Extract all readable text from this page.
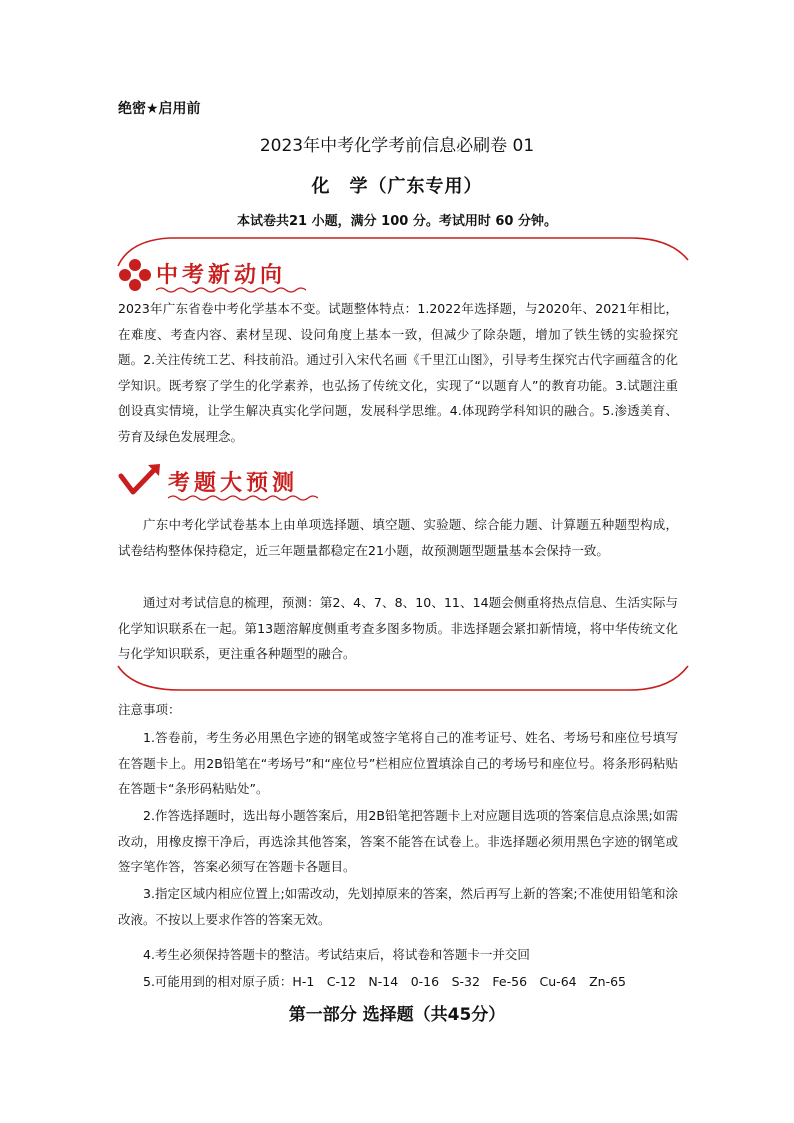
绝密★启用前
2023年中考化学考前信息必刷卷 01
化　学（广东专用）
本试卷共21 小题，满分 100 分。考试用时 60 分钟。
中考新动向
2023年广东省卷中考化学基本不变。试题整体特点：1.2022年选择题，与2020年、2021年相比，在难度、考查内容、素材呈现、设问角度上基本一致，但减少了除杂题，增加了铁生锈的实验探究题。2.关注传统工艺、科技前沿。通过引入宋代名画《千里江山图》，引导考生探究古代字画蕴含的化学知识。既考察了学生的化学素养，也弘扬了传统文化，实现了“以题育人”的教育功能。3.试题注重创设真实情境，让学生解决真实化学问题，发展科学思维。4.体现跨学科知识的融合。5.渗透美育、劳育及绿色发展理念。
考题大预测
广东中考化学试卷基本上由单项选择题、填空题、实验题、综合能力题、计算题五种题型构成，试卷结构整体保持稳定，近三年题量都稳定在21小题，故预测题型题量基本会保持一致。
通过对考试信息的梳理，预测：第2、4、7、8、10、11、14题会侧重将热点信息、生活实际与化学知识联系在一起。第13题溶解度侧重考查多图多物质。非选择题会紧扣新情境，将中华传统文化与化学知识联系，更注重各种题型的融合。
注意事项：
1.答卷前，考生务必用黑色字迹的钢笔或签字笔将自己的准考证号、姓名、考场号和座位号填写在答题卡上。用2B铅笔在“考场号”和“座位号”栏相应位置填涂自己的考场号和座位号。将条形码粘贴在答题卡“条形码粘贴处”。
2.作答选择题时，选出每小题答案后，用2B铅笔把答题卡上对应题目选项的答案信息点涂黑;如需改动，用橡皮擦干净后，再选涂其他答案，答案不能答在试卷上。非选择题必须用黑色字迹的钢笔或签字笔作答，答案必须写在答题卡各题目。
3.指定区域内相应位置上;如需改动，先划掉原来的答案，然后再写上新的答案;不准使用铅笔和涂改液。不按以上要求作答的答案无效。
4.考生必须保持答题卡的整洁。考试结束后，将试卷和答题卡一并交回
5.可能用到的相对原子质：H-1　C-12　N-14　0-16　S-32　Fe-56　Cu-64　Zn-65
第一部分 选择题（共45分）
